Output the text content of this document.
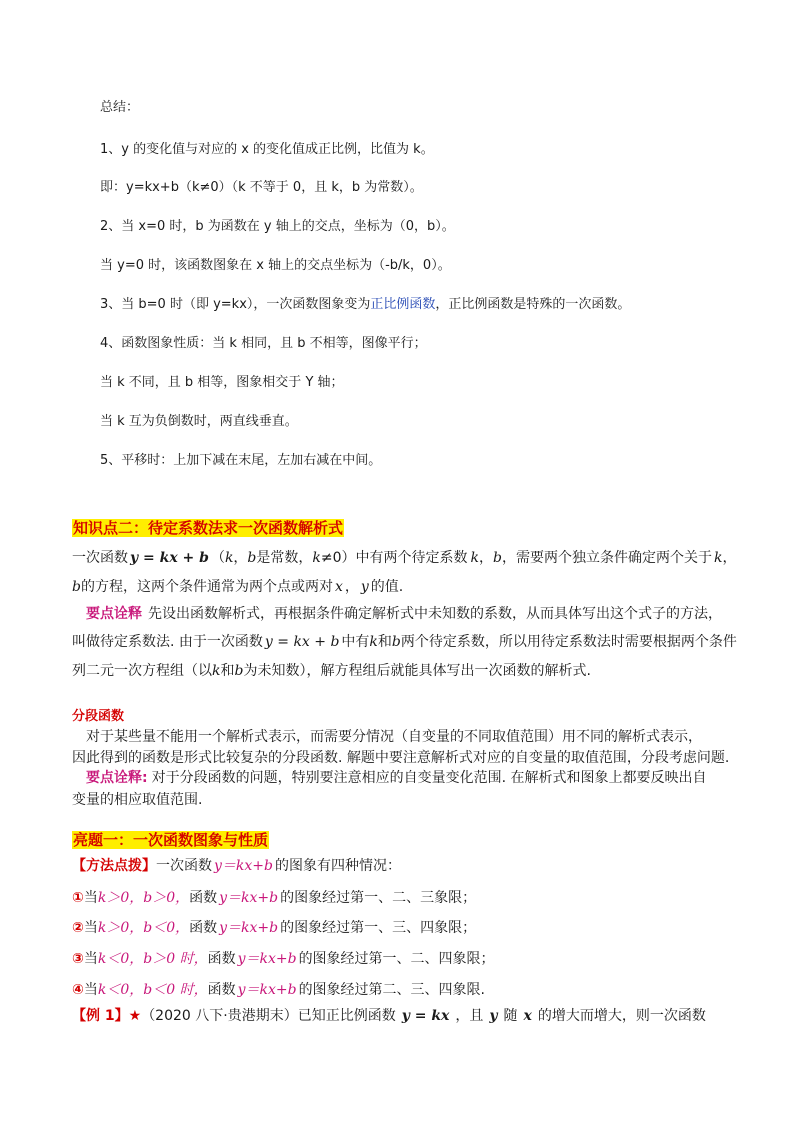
总结：
1、y 的变化值与对应的 x 的变化值成正比例，比值为 k。
即：y=kx+b（k≠0）（k 不等于 0，且 k，b 为常数）。
2、当 x=0 时，b 为函数在 y 轴上的交点，坐标为（0，b）。
当 y=0 时，该函数图象在 x 轴上的交点坐标为（-b/k，0）。
3、当 b=0 时（即 y=kx），一次函数图象变为正比例函数，正比例函数是特殊的一次函数。
4、函数图象性质：当 k 相同，且 b 不相等，图像平行；
当 k 不同，且 b 相等，图象相交于 Y 轴；
当 k 互为负倒数时，两直线垂直。
5、平移时：上加下减在末尾，左加右减在中间。
知识点二：待定系数法求一次函数解析式
一次函数 y = kx + b （k，b是常数，k≠0）中有两个待定系数 k，b，需要两个独立条件确定两个关于 k，
b的方程，这两个条件通常为两个点或两对 x ， y 的值.
要点诠释 先设出函数解析式，再根据条件确定解析式中未知数的系数，从而具体写出这个式子的方法，
叫做待定系数法. 由于一次函数 y = kx + b 中有k和b两个待定系数，所以用待定系数法时需要根据两个条件
列二元一次方程组（以k和b为未知数），解方程组后就能具体写出一次函数的解析式.
分段函数
对于某些量不能用一个解析式表示，而需要分情况（自变量的不同取值范围）用不同的解析式表示，
因此得到的函数是形式比较复杂的分段函数. 解题中要注意解析式对应的自变量的取值范围，分段考虑问题.
要点诠释: 对于分段函数的问题，特别要注意相应的自变量变化范围. 在解析式和图象上都要反映出自
变量的相应取值范围.
亮题一：一次函数图象与性质
【方法点拨】一次函数 y＝kx+b 的图象有四种情况：
①当k＞0，b＞0，函数 y＝kx+b 的图象经过第一、二、三象限；
②当k＞0，b＜0，函数 y＝kx+b 的图象经过第一、三、四象限；
③当k＜0，b＞0 时，函数 y＝kx+b 的图象经过第一、二、四象限；
④当k＜0，b＜0 时，函数 y＝kx+b 的图象经过第二、三、四象限.
【例 1】★（2020 八下·贵港期末）已知正比例函数 y = kx ，且 y 随 x 的增大而增大，则一次函数
